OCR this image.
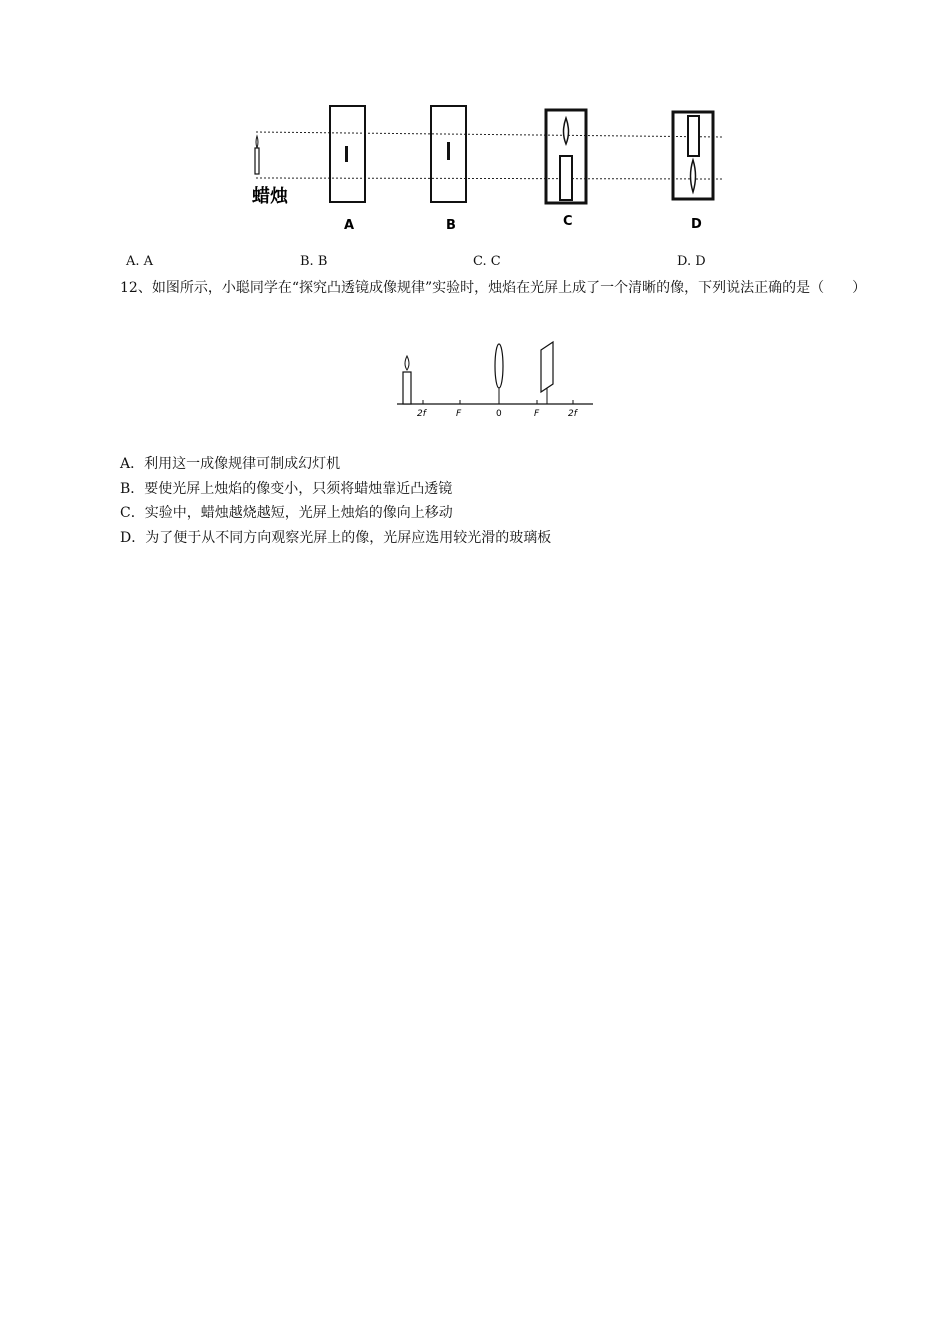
蜡烛
A	B	C	D
A. A	B. B	C. C	D. D
12、如图所示，小聪同学在“探究凸透镜成像规律”实验时，烛焰在光屏上成了一个清晰的像，下列说法正确的是（　　）
2f	F	0	F	2f
A．利用这一成像规律可制成幻灯机
B．要使光屏上烛焰的像变小，只须将蜡烛靠近凸透镜
C．实验中，蜡烛越烧越短，光屏上烛焰的像向上移动
D．为了便于从不同方向观察光屏上的像，光屏应选用较光滑的玻璃板
